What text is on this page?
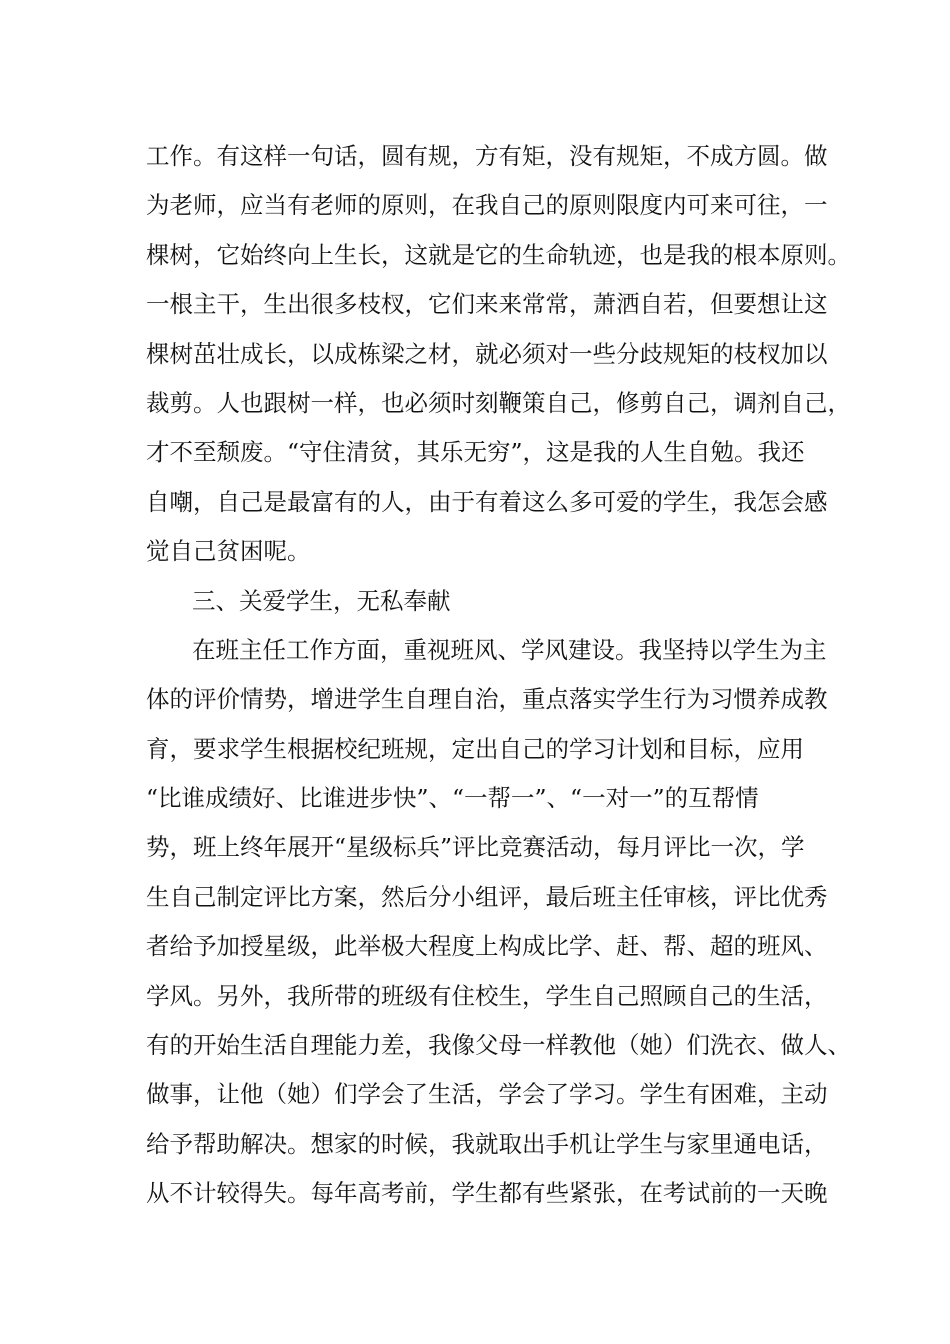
工作。有这样一句话，圆有规，方有矩，没有规矩，不成方圆。做
为老师，应当有老师的原则，在我自己的原则限度内可来可往，一
棵树，它始终向上生长，这就是它的生命轨迹，也是我的根本原则。
一根主干，生出很多枝杈，它们来来常常，萧洒自若，但要想让这
棵树茁壮成长，以成栋梁之材，就必须对一些分歧规矩的枝杈加以
裁剪。人也跟树一样，也必须时刻鞭策自己，修剪自己，调剂自己，
才不至颓废。“守住清贫，其乐无穷”，这是我的人生自勉。我还
自嘲，自己是最富有的人，由于有着这么多可爱的学生，我怎会感
觉自己贫困呢。
三、关爱学生，无私奉献
在班主任工作方面，重视班风、学风建设。我坚持以学生为主
体的评价情势，增进学生自理自治，重点落实学生行为习惯养成教
育，要求学生根据校纪班规，定出自己的学习计划和目标，应用
“比谁成绩好、比谁进步快”、“一帮一”、“一对一”的互帮情
势，班上终年展开“星级标兵”评比竞赛活动，每月评比一次，学
生自己制定评比方案，然后分小组评，最后班主任审核，评比优秀
者给予加授星级，此举极大程度上构成比学、赶、帮、超的班风、
学风。另外，我所带的班级有住校生，学生自己照顾自己的生活，
有的开始生活自理能力差，我像父母一样教他（她）们洗衣、做人、
做事，让他（她）们学会了生活，学会了学习。学生有困难，主动
给予帮助解决。想家的时候，我就取出手机让学生与家里通电话，
从不计较得失。每年高考前，学生都有些紧张，在考试前的一天晚
